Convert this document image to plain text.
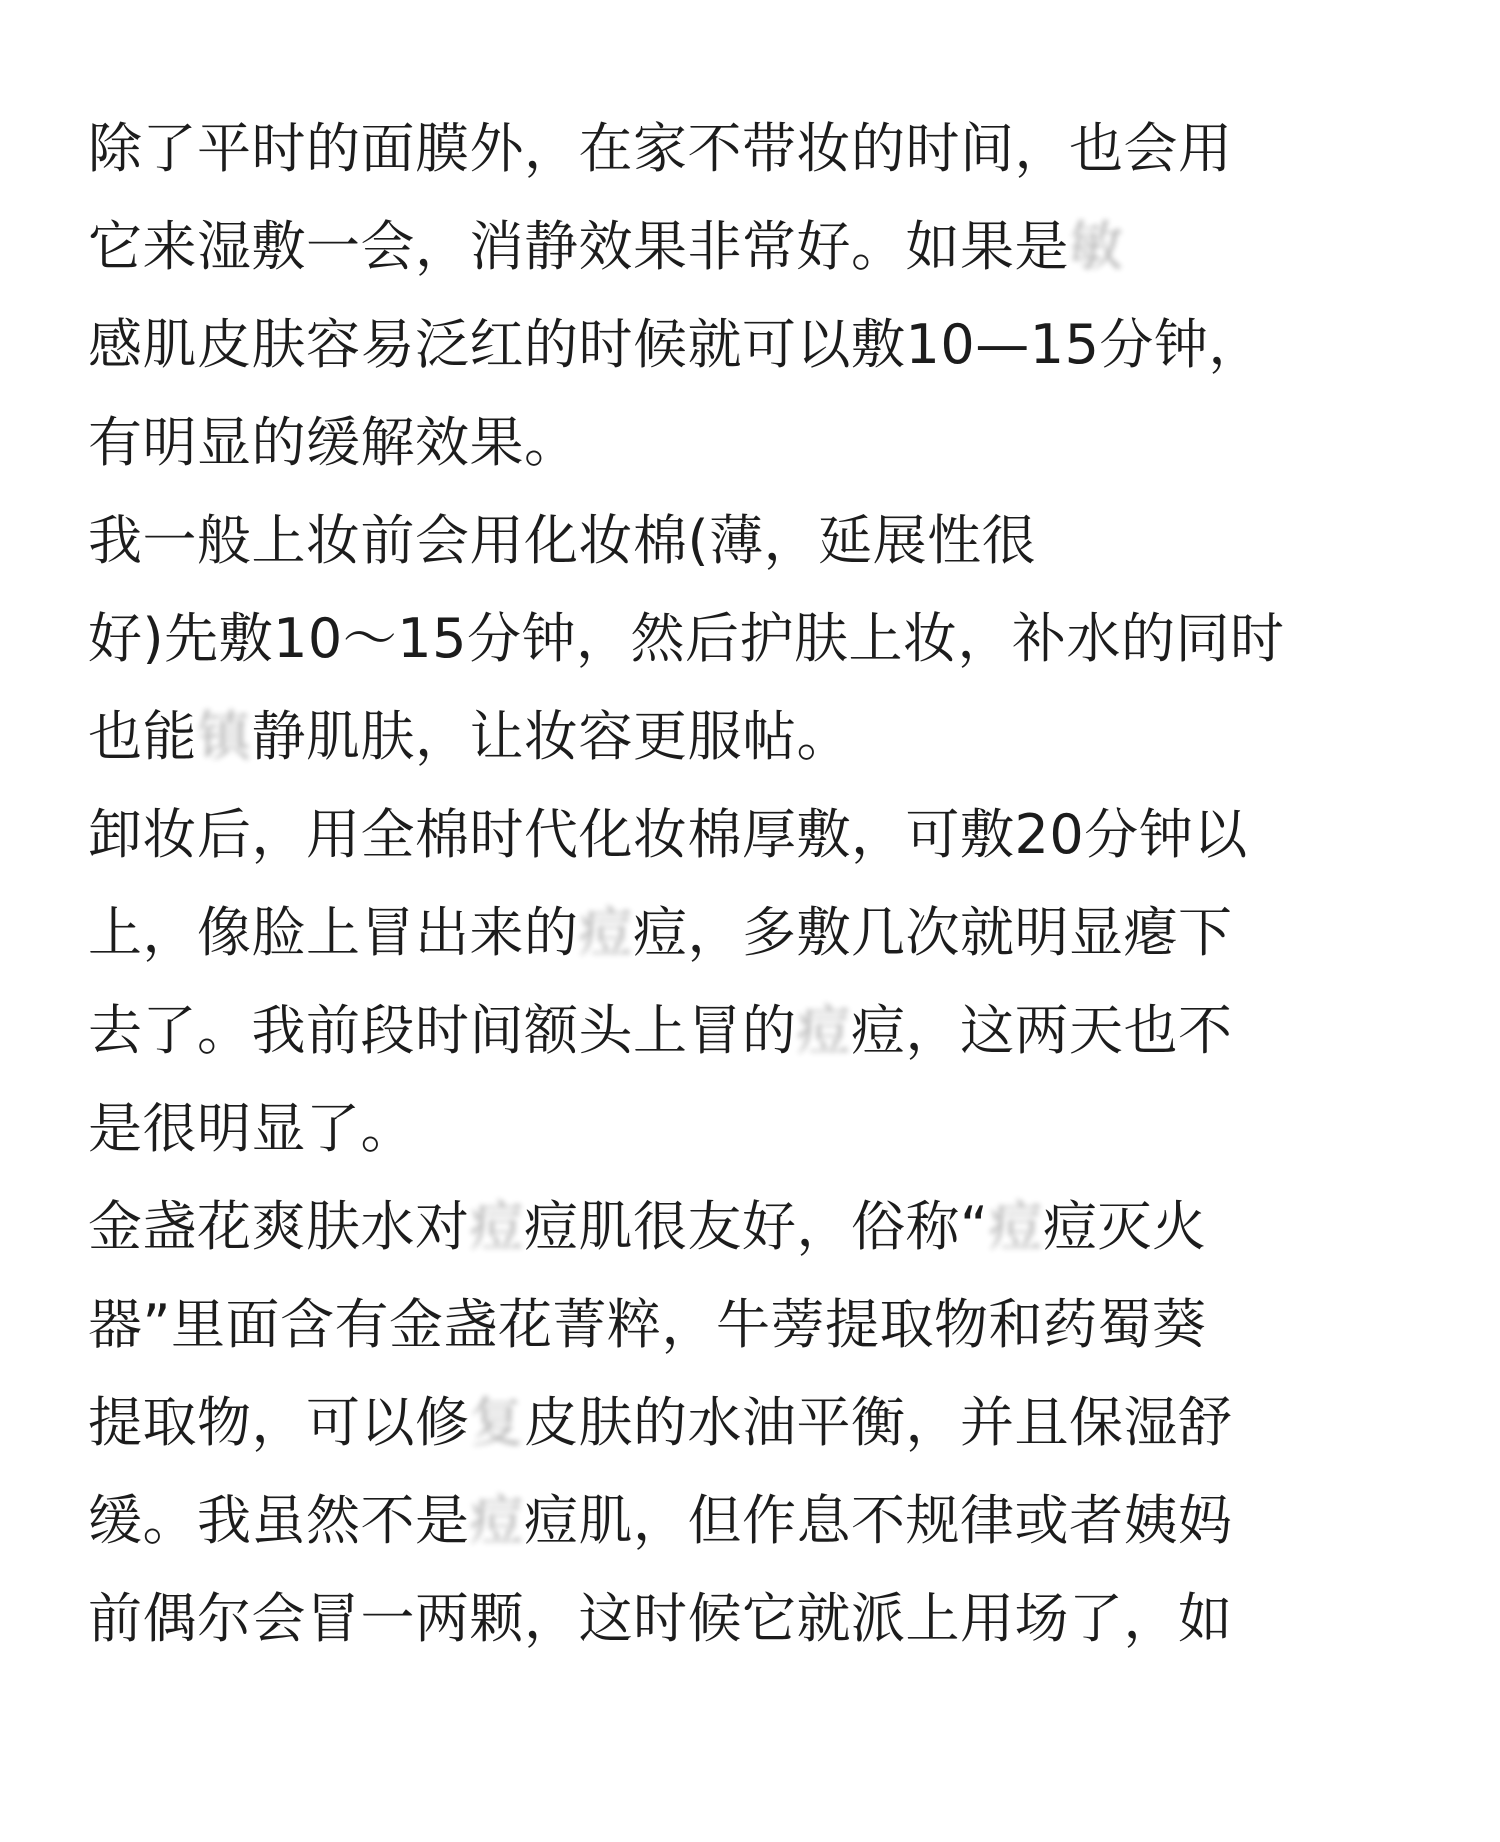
除了平时的面膜外，在家不带妆的时间，也会用
它来湿敷一会，消静效果非常好。如果是敏
感肌皮肤容易泛红的时候就可以敷10—15分钟，
有明显的缓解效果。
我一般上妆前会用化妆棉(薄，延展性很
好)先敷10～15分钟，然后护肤上妆，补水的同时
也能镇静肌肤，让妆容更服帖。
卸妆后，用全棉时代化妆棉厚敷，可敷20分钟以
上，像脸上冒出来的痘痘，多敷几次就明显瘪下
去了。我前段时间额头上冒的痘痘，这两天也不
是很明显了。
金盏花爽肤水对痘痘肌很友好，俗称“痘痘灭火
器”里面含有金盏花菁粹，牛蒡提取物和药蜀葵
提取物，可以修复皮肤的水油平衡，并且保湿舒
缓。我虽然不是痘痘肌，但作息不规律或者姨妈
前偶尔会冒一两颗，这时候它就派上用场了，如
